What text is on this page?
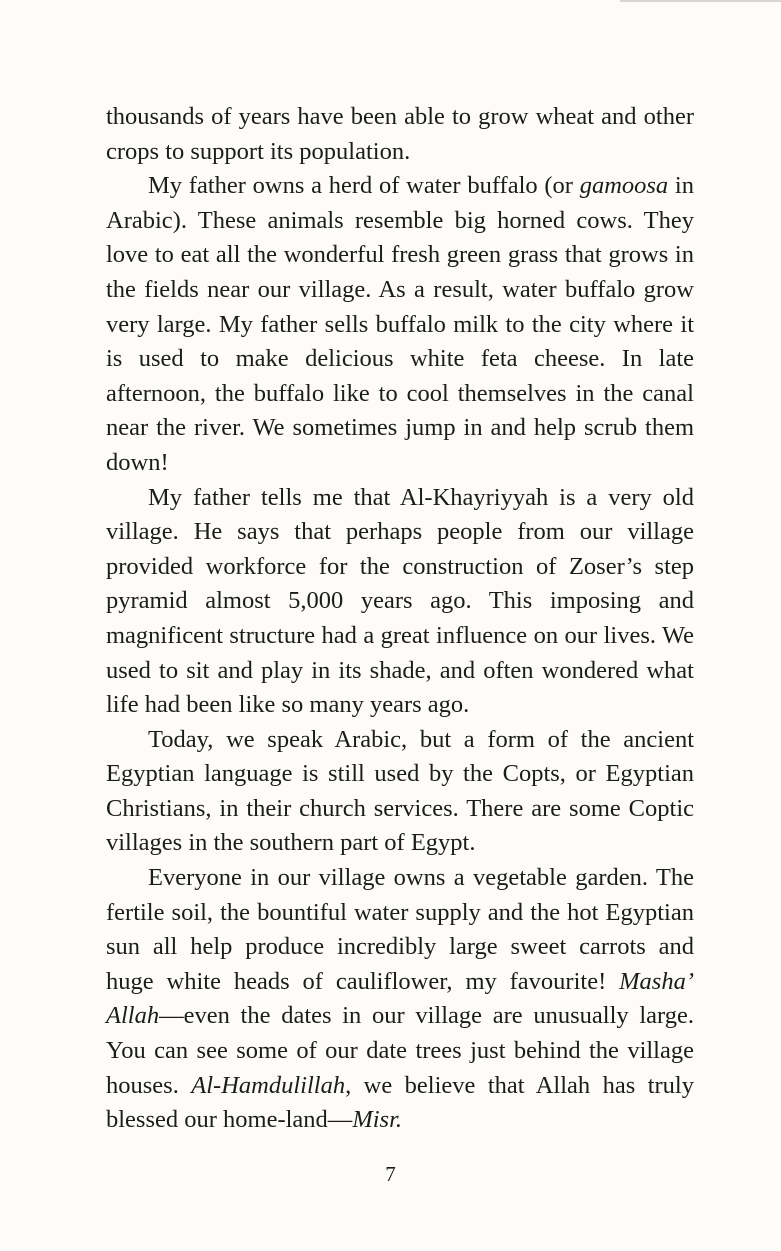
thousands of years have been able to grow wheat and other crops to support its population.

My father owns a herd of water buffalo (or gamoosa in Arabic). These animals resemble big horned cows. They love to eat all the wonderful fresh green grass that grows in the fields near our village. As a result, water buffalo grow very large. My father sells buffalo milk to the city where it is used to make delicious white feta cheese. In late afternoon, the buffalo like to cool themselves in the canal near the river. We sometimes jump in and help scrub them down!

My father tells me that Al-Khayriyyah is a very old village. He says that perhaps people from our village provided workforce for the construction of Zoser’s step pyramid almost 5,000 years ago. This imposing and magnificent structure had a great influence on our lives. We used to sit and play in its shade, and often wondered what life had been like so many years ago.

Today, we speak Arabic, but a form of the ancient Egyptian language is still used by the Copts, or Egyptian Christians, in their church services. There are some Coptic villages in the southern part of Egypt.

Everyone in our village owns a vegetable garden. The fertile soil, the bountiful water supply and the hot Egyptian sun all help produce incredibly large sweet carrots and huge white heads of cauliflower, my favourite! Masha’ Allah—even the dates in our village are unusually large. You can see some of our date trees just behind the village houses. Al-Hamdulillah, we believe that Allah has truly blessed our home-land—Misr.

7
